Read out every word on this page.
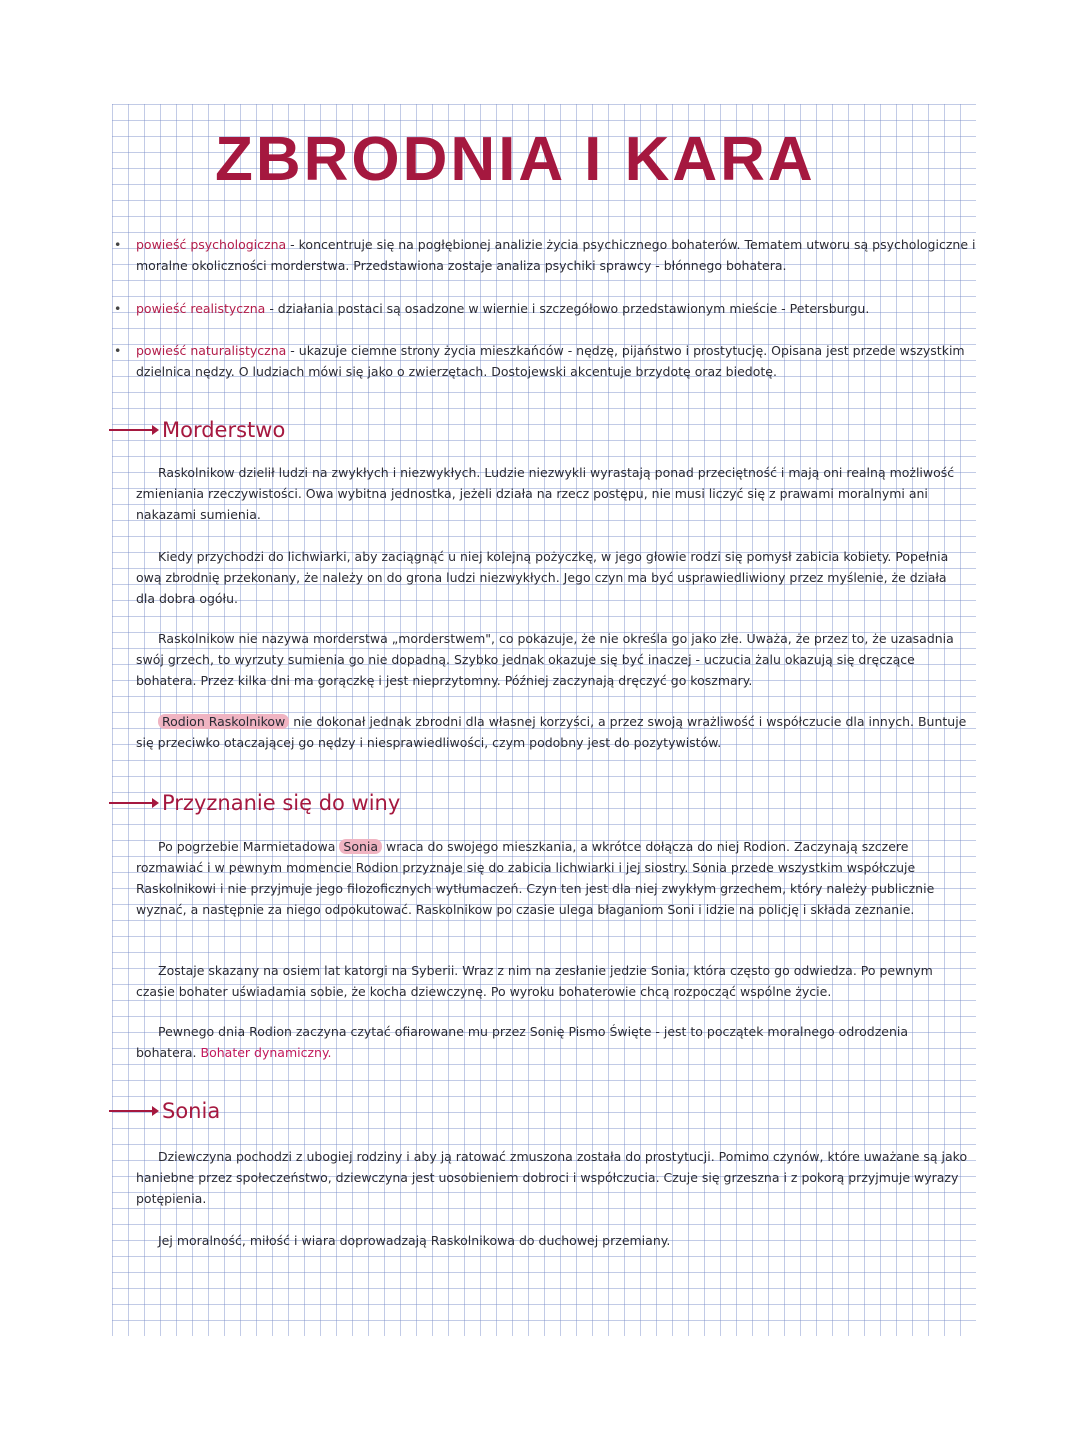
ZBRODNIA I KARA
• powieść psychologiczna - koncentruje się na pogłębionej analizie życia psychicznego bohaterów. Tematem utworu są psychologiczne i moralne okoliczności morderstwa. Przedstawiona zostaje analiza psychiki sprawcy - błónnego bohatera.

• powieść realistyczna - działania postaci są osadzone w wiernie i szczegółowo przedstawionym mieście - Petersburgu.

• powieść naturalistyczna - ukazuje ciemne strony życia mieszkańców - nędzę, pijaństwo i prostytucję. Opisana jest przede wszystkim dzielnica nędzy. O ludziach mówi się jako o zwierzętach. Dostojewski akcentuje brzydotę oraz biedotę.

Morderstwo

Raskolnikow dzielił ludzi na zwykłych i niezwykłych. Ludzie niezwykli wyrastają ponad przeciętność i mają oni realną możliwość zmieniania rzeczywistości. Owa wybitna jednostka, jeżeli działa na rzecz postępu, nie musi liczyć się z prawami moralnymi ani nakazami sumienia.

Kiedy przychodzi do lichwiarki, aby zaciągnąć u niej kolejną pożyczkę, w jego głowie rodzi się pomysł zabicia kobiety. Popełnia ową zbrodnię przekonany, że należy on do grona ludzi niezwykłych. Jego czyn ma być usprawiedliwiony przez myślenie, że działa dla dobra ogółu.

Raskolnikow nie nazywa morderstwa „morderstwem", co pokazuje, że nie określa go jako złe. Uważa, że przez to, że uzasadnia swój grzech, to wyrzuty sumienia go nie dopadną. Szybko jednak okazuje się być inaczej - uczucia żalu okazują się dręczące bohatera. Przez kilka dni ma gorączkę i jest nieprzytomny. Później zaczynają dręczyć go koszmary.

Rodion Raskolnikow nie dokonał jednak zbrodni dla własnej korzyści, a przez swoją wrażliwość i współczucie dla innych. Buntuje się przeciwko otaczającej go nędzy i niesprawiedliwości, czym podobny jest do pozytywistów.

Przyznanie się do winy

Po pogrzebie Marmietadowa Sonia wraca do swojego mieszkania, a wkrótce dołącza do niej Rodion. Zaczynają szczere rozmawiać i w pewnym momencie Rodion przyznaje się do zabicia lichwiarki i jej siostry. Sonia przede wszystkim współczuje Raskolnikowi i nie przyjmuje jego filozoficznych wytłumaczeń. Czyn ten jest dla niej zwykłym grzechem, który należy publicznie wyznać, a następnie za niego odpokutować. Raskolnikow po czasie ulega błaganiom Soni i idzie na policję i składa zeznanie.

Zostaje skazany na osiem lat katorgi na Syberii. Wraz z nim na zesłanie jedzie Sonia, która często go odwiedza. Po pewnym czasie bohater uświadamia sobie, że kocha dziewczynę. Po wyroku bohaterowie chcą rozpocząć wspólne życie.

Pewnego dnia Rodion zaczyna czytać ofiarowane mu przez Sonię Pismo Święte - jest to początek moralnego odrodzenia bohatera. Bohater dynamiczny.

Sonia

Dziewczyna pochodzi z ubogiej rodziny i aby ją ratować zmuszona została do prostytucji. Pomimo czynów, które uważane są jako haniebne przez społeczeństwo, dziewczyna jest uosobieniem dobroci i współczucia. Czuje się grzeszna i z pokorą przyjmuje wyrazy potępienia.

Jej moralność, miłość i wiara doprowadzają Raskolnikowa do duchowej przemiany.
